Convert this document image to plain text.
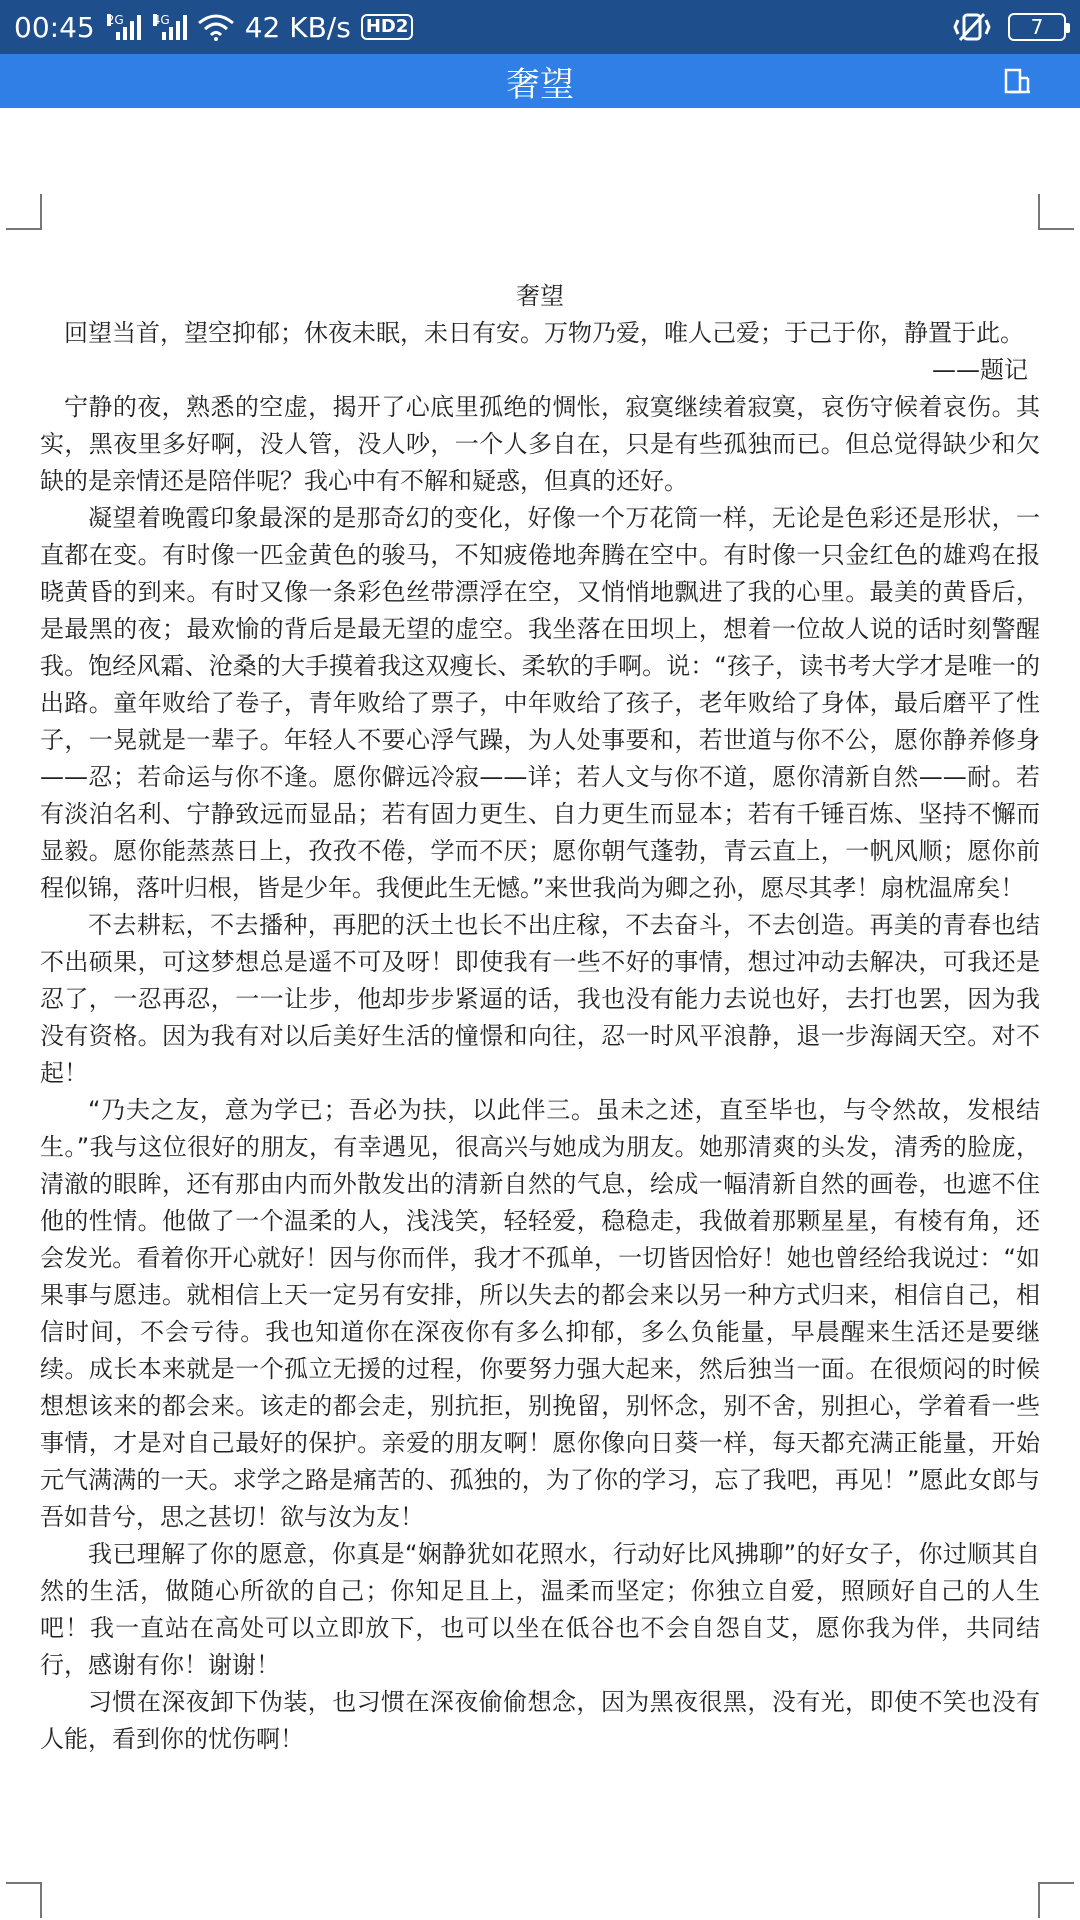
00:45 2G 4G	42 KB/s HD2	7
奢望

奢望

回望当首，望空抑郁；休夜未眠，未日有安。万物乃爱，唯人己爱；于己于你，静置于此。

——题记

宁静的夜，熟悉的空虚，揭开了心底里孤绝的惆怅，寂寞继续着寂寞，哀伤守候着哀伤。其实，黑夜里多好啊，没人管，没人吵，一个人多自在，只是有些孤独而已。但总觉得缺少和欠缺的是亲情还是陪伴呢？我心中有不解和疑惑，但真的还好。

凝望着晚霞印象最深的是那奇幻的变化，好像一个万花筒一样，无论是色彩还是形状，一直都在变。有时像一匹金黄色的骏马，不知疲倦地奔腾在空中。有时像一只金红色的雄鸡在报晓黄昏的到来。有时又像一条彩色丝带漂浮在空，又悄悄地飘进了我的心里。最美的黄昏后，是最黑的夜；最欢愉的背后是最无望的虚空。我坐落在田坝上，想着一位故人说的话时刻警醒我。饱经风霜、沧桑的大手摸着我这双瘦长、柔软的手啊。说：“孩子，读书考大学才是唯一的出路。童年败给了卷子，青年败给了票子，中年败给了孩子，老年败给了身体，最后磨平了性子，一晃就是一辈子。年轻人不要心浮气躁，为人处事要和，若世道与你不公，愿你静养修身——忍；若命运与你不逢。愿你僻远冷寂——详；若人文与你不道，愿你清新自然——耐。若有淡泊名利、宁静致远而显品；若有固力更生、自力更生而显本；若有千锤百炼、坚持不懈而显毅。愿你能蒸蒸日上，孜孜不倦，学而不厌；愿你朝气蓬勃，青云直上，一帆风顺；愿你前程似锦，落叶归根，皆是少年。我便此生无憾。”来世我尚为卿之孙，愿尽其孝！扇枕温席矣！

不去耕耘，不去播种，再肥的沃土也长不出庄稼，不去奋斗，不去创造。再美的青春也结不出硕果，可这梦想总是遥不可及呀！即使我有一些不好的事情，想过冲动去解决，可我还是忍了，一忍再忍，一一让步，他却步步紧逼的话，我也没有能力去说也好，去打也罢，因为我没有资格。因为我有对以后美好生活的憧憬和向往，忍一时风平浪静，退一步海阔天空。对不起！

“乃夫之友，意为学已；吾必为扶，以此伴三。虽未之述，直至毕也，与令然故，发根结生。”我与这位很好的朋友，有幸遇见，很高兴与她成为朋友。她那清爽的头发，清秀的脸庞，清澈的眼眸，还有那由内而外散发出的清新自然的气息，绘成一幅清新自然的画卷，也遮不住他的性情。他做了一个温柔的人，浅浅笑，轻轻爱，稳稳走，我做着那颗星星，有棱有角，还会发光。看着你开心就好！因与你而伴，我才不孤单，一切皆因恰好！她也曾经给我说过：“如果事与愿违。就相信上天一定另有安排，所以失去的都会来以另一种方式归来，相信自己，相信时间，不会亏待。我也知道你在深夜你有多么抑郁，多么负能量，早晨醒来生活还是要继续。成长本来就是一个孤立无援的过程，你要努力强大起来，然后独当一面。在很烦闷的时候想想该来的都会来。该走的都会走，别抗拒，别挽留，别怀念，别不舍，别担心，学着看一些事情，才是对自己最好的保护。亲爱的朋友啊！愿你像向日葵一样，每天都充满正能量，开始元气满满的一天。求学之路是痛苦的、孤独的，为了你的学习，忘了我吧，再见！”愿此女郎与吾如昔兮，思之甚切！欲与汝为友！

我已理解了你的愿意，你真是“娴静犹如花照水，行动好比风拂聊”的好女子，你过顺其自然的生活，做随心所欲的自己；你知足且上，温柔而坚定；你独立自爱，照顾好自己的人生吧！我一直站在高处可以立即放下，也可以坐在低谷也不会自怨自艾，愿你我为伴，共同结行，感谢有你！谢谢！

习惯在深夜卸下伪装，也习惯在深夜偷偷想念，因为黑夜很黑，没有光，即使不笑也没有人能，看到你的忧伤啊！
